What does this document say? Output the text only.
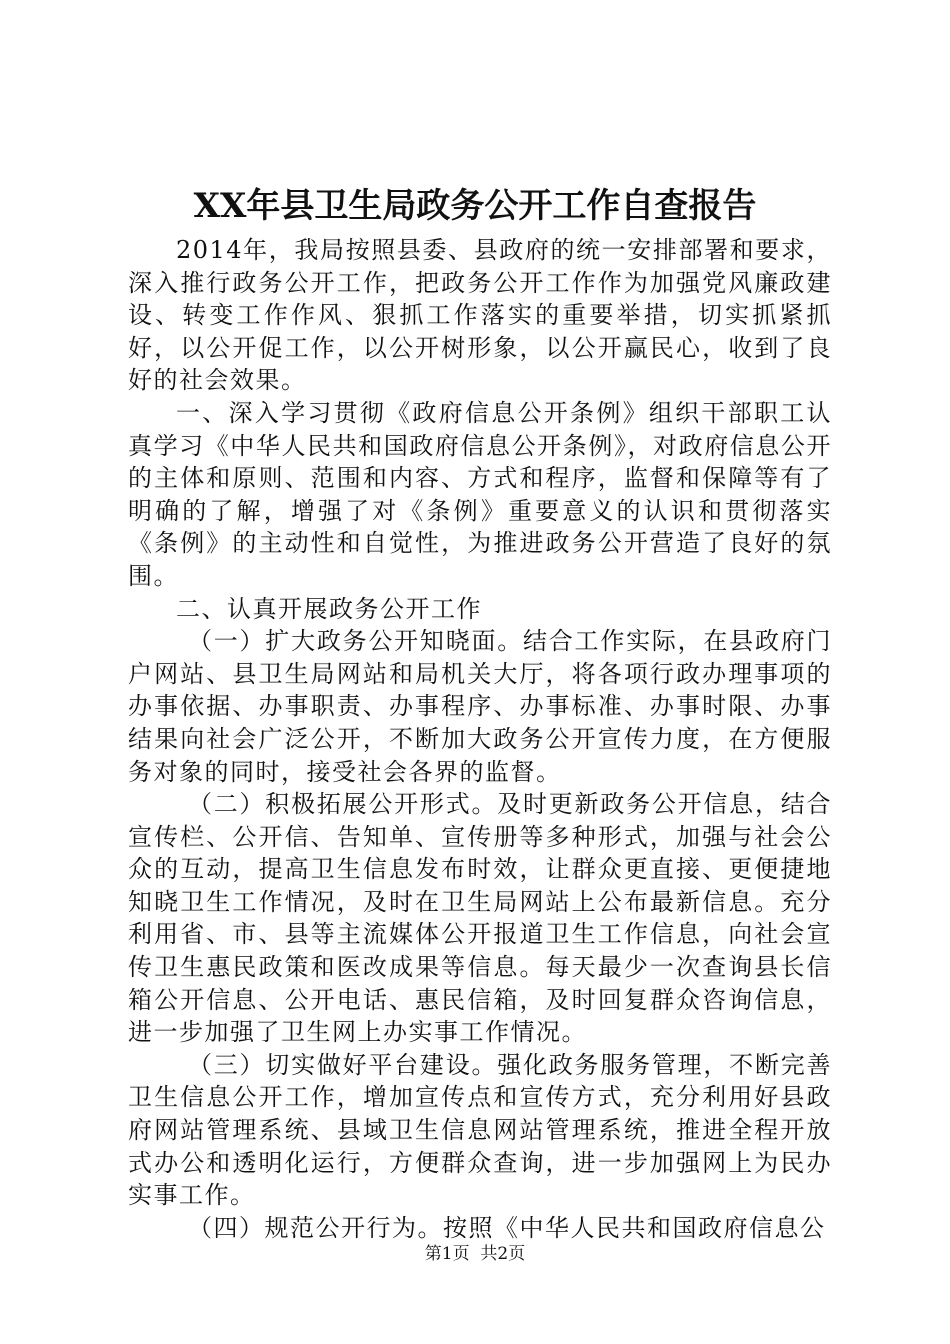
XX年县卫生局政务公开工作自查报告

2014年，我局按照县委、县政府的统一安排部署和要求，深入推行政务公开工作，把政务公开工作作为加强党风廉政建设、转变工作作风、狠抓工作落实的重要举措，切实抓紧抓好，以公开促工作，以公开树形象，以公开赢民心，收到了良好的社会效果。

一、深入学习贯彻《政府信息公开条例》组织干部职工认真学习《中华人民共和国政府信息公开条例》，对政府信息公开的主体和原则、范围和内容、方式和程序，监督和保障等有了明确的了解，增强了对《条例》重要意义的认识和贯彻落实《条例》的主动性和自觉性，为推进政务公开营造了良好的氛围。

二、认真开展政务公开工作

（一）扩大政务公开知晓面。结合工作实际，在县政府门户网站、县卫生局网站和局机关大厅，将各项行政办理事项的办事依据、办事职责、办事程序、办事标准、办事时限、办事结果向社会广泛公开，不断加大政务公开宣传力度，在方便服务对象的同时，接受社会各界的监督。

（二）积极拓展公开形式。及时更新政务公开信息，结合宣传栏、公开信、告知单、宣传册等多种形式，加强与社会公众的互动，提高卫生信息发布时效，让群众更直接、更便捷地知晓卫生工作情况，及时在卫生局网站上公布最新信息。充分利用省、市、县等主流媒体公开报道卫生工作信息，向社会宣传卫生惠民政策和医改成果等信息。每天最少一次查询县长信箱公开信息、公开电话、惠民信箱，及时回复群众咨询信息，进一步加强了卫生网上办实事工作情况。

（三）切实做好平台建设。强化政务服务管理，不断完善卫生信息公开工作，增加宣传点和宣传方式，充分利用好县政府网站管理系统、县域卫生信息网站管理系统，推进全程开放式办公和透明化运行，方便群众查询，进一步加强网上为民办实事工作。

（四）规范公开行为。按照《中华人民共和国政府信息公

第1页 共2页
